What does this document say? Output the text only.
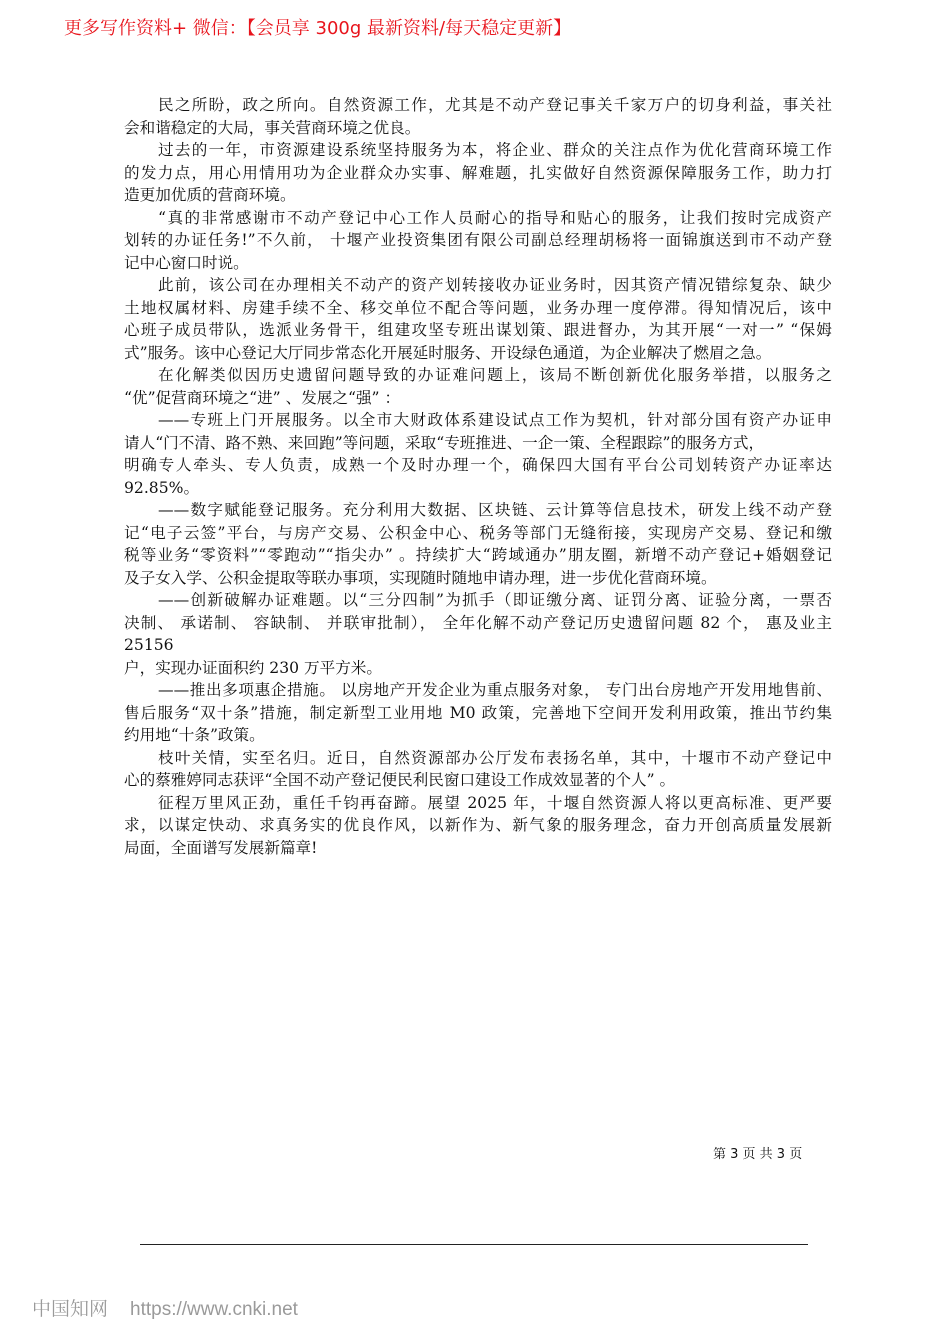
更多写作资料+ 微信：【会员享 300g 最新资料/每天稳定更新】
民之所盼，政之所向。自然资源工作，尤其是不动产登记事关千家万户的切身利益，事关社
会和谐稳定的大局，事关营商环境之优良。
过去的一年，市资源建设系统坚持服务为本，将企业、群众的关注点作为优化营商环境工作
的发力点，用心用情用功为企业群众办实事、解难题，扎实做好自然资源保障服务工作，助力打
造更加优质的营商环境。
“真的非常感谢市不动产登记中心工作人员耐心的指导和贴心的服务，让我们按时完成资产
划转的办证任务!”不久前， 十堰产业投资集团有限公司副总经理胡杨将一面锦旗送到市不动产登
记中心窗口时说。
此前，该公司在办理相关不动产的资产划转接收办证业务时，因其资产情况错综复杂、缺少
土地权属材料、房建手续不全、移交单位不配合等问题，业务办理一度停滞。得知情况后，该中
心班子成员带队，选派业务骨干，组建攻坚专班出谋划策、跟进督办，为其开展“一对一” “保姆
式”服务。该中心登记大厅同步常态化开展延时服务、开设绿色通道，为企业解决了燃眉之急。
在化解类似因历史遗留问题导致的办证难问题上，该局不断创新优化服务举措，以服务之
“优”促营商环境之“进” 、发展之“强” ：
——专班上门开展服务。以全市大财政体系建设试点工作为契机，针对部分国有资产办证申
请人“门不清、路不熟、来回跑”等问题，采取“专班推进、一企一策、全程跟踪”的服务方式，
明确专人牵头、专人负责，成熟一个及时办理一个，确保四大国有平台公司划转资产办证率达
92.85%。
——数字赋能登记服务。充分利用大数据、区块链、云计算等信息技术，研发上线不动产登
记“电子云签”平台，与房产交易、公积金中心、税务等部门无缝衔接，实现房产交易、登记和缴
税等业务“零资料”“零跑动”“指尖办” 。持续扩大“跨域通办”朋友圈，新增不动产登记+婚姻登记
及子女入学、公积金提取等联办事项，实现随时随地申请办理，进一步优化营商环境。
——创新破解办证难题。以“三分四制”为抓手（即证缴分离、证罚分离、证验分离，一票否
决制、 承诺制、 容缺制、 并联审批制）， 全年化解不动产登记历史遗留问题 82 个， 惠及业主 25156
户，实现办证面积约 230 万平方米。
——推出多项惠企措施。 以房地产开发企业为重点服务对象， 专门出台房地产开发用地售前、
售后服务“双十条”措施，制定新型工业用地 M0 政策，完善地下空间开发利用政策，推出节约集
约用地“十条”政策。
枝叶关情，实至名归。近日，自然资源部办公厅发布表扬名单，其中，十堰市不动产登记中
心的蔡雅婷同志获评“全国不动产登记便民利民窗口建设工作成效显著的个人” 。
征程万里风正劲，重任千钧再奋蹄。展望 2025 年，十堰自然资源人将以更高标准、更严要
求，以谋定快动、求真务实的优良作风，以新作为、新气象的服务理念，奋力开创高质量发展新
局面，全面谱写发展新篇章!
第 3 页 共 3 页
中国知网 https://www.cnki.net
